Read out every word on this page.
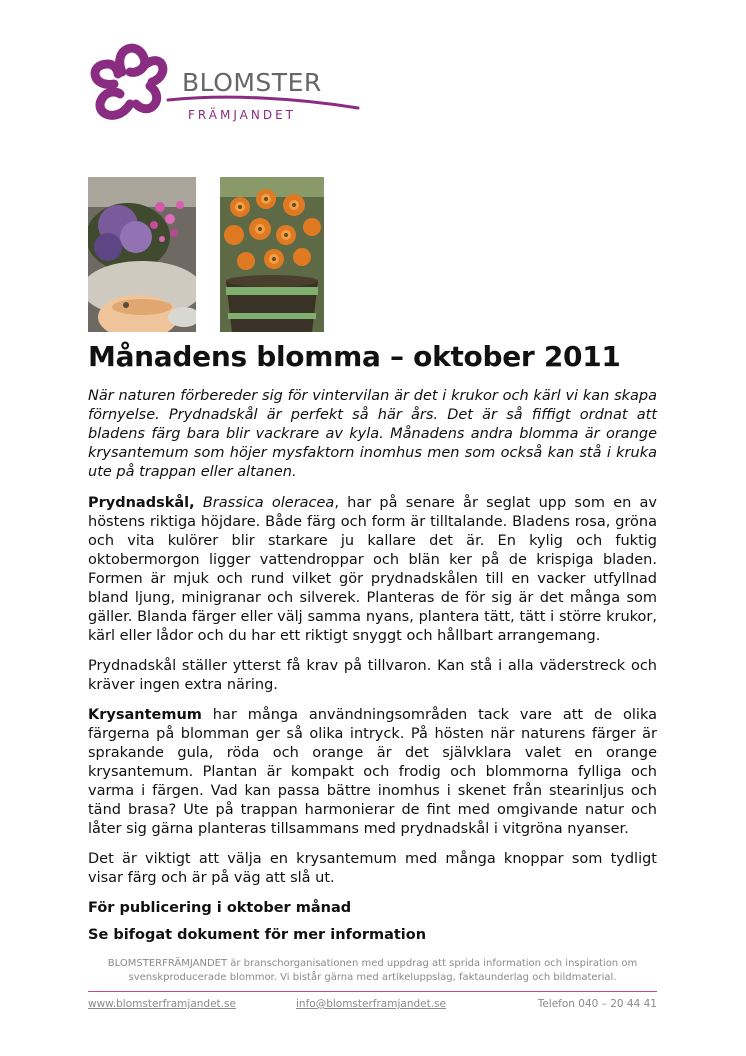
BLOMSTER
FRÄMJANDET
Månadens blomma – oktober 2011

När naturen förbereder sig för vintervilan är det i krukor och kärl vi kan skapa förnyelse. Prydnadskål är perfekt så här års. Det är så fiffigt ordnat att bladens färg bara blir vackrare av kyla. Månadens andra blomma är orange krysantemum som höjer mysfaktorn inomhus men som också kan stå i kruka ute på trappan eller altanen.

Prydnadskål, Brassica oleracea, har på senare år seglat upp som en av höstens riktiga höjdare. Både färg och form är tilltalande. Bladens rosa, gröna och vita kulörer blir starkare ju kallare det är. En kylig och fuktig oktobermorgon ligger vattendroppar och blän ker på de krispiga bladen. Formen är mjuk och rund vilket gör prydnadskålen till en vacker utfyllnad bland ljung, minigranar och silverek. Planteras de för sig är det många som gäller. Blanda färger eller välj samma nyans, plantera tätt, tätt i större krukor, kärl eller lådor och du har ett riktigt snyggt och hållbart arrangemang.

Prydnadskål ställer ytterst få krav på tillvaron. Kan stå i alla väderstreck och kräver ingen extra näring.

Krysantemum har många användningsområden tack vare att de olika färgerna på blomman ger så olika intryck. På hösten när naturens färger är sprakande gula, röda och orange är det självklara valet en orange krysantemum. Plantan är kompakt och frodig och blommorna fylliga och varma i färgen. Vad kan passa bättre inomhus i skenet från stearinljus och tänd brasa? Ute på trappan harmonierar de fint med omgivande natur och låter sig gärna planteras tillsammans med prydnadskål i vitgröna nyanser.

Det är viktigt att välja en krysantemum med många knoppar som tydligt visar färg och är på väg att slå ut.

För publicering i oktober månad

Se bifogat dokument för mer information

BLOMSTERFRÄMJANDET är branschorganisationen med uppdrag att sprida information och inspiration om svenskproducerade blommor. Vi bistår gärna med artikeluppslag, faktaunderlag och bildmaterial.
www.blomsterframjandet.se	info@blomsterframjandet.se	Telefon 040 – 20 44 41
